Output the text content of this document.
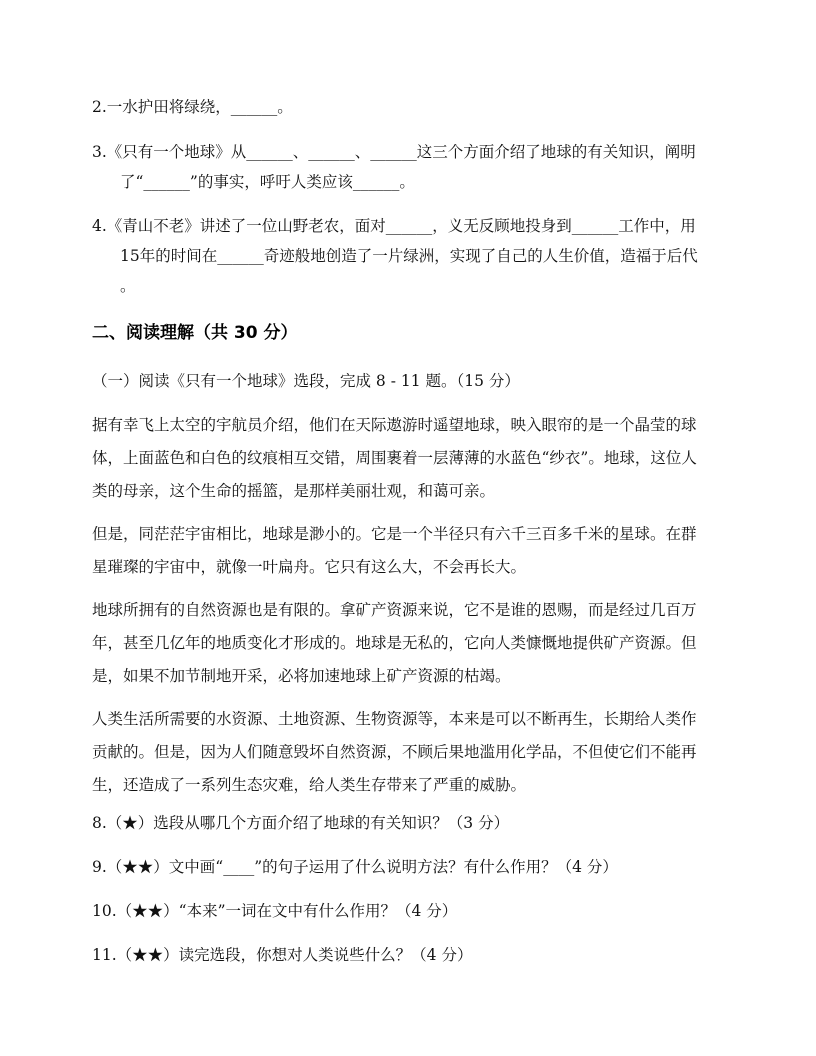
2.一水护田将绿绕，______。
3.《只有一个地球》从______、______、______这三个方面介绍了地球的有关知识，阐明
了“______”的事实，呼吁人类应该______。
4.《青山不老》讲述了一位山野老农，面对______，义无反顾地投身到______工作中，用
15年的时间在______奇迹般地创造了一片绿洲，实现了自己的人生价值，造福于后代
。
二、阅读理解（共 30 分）
（一）阅读《只有一个地球》选段，完成 8 - 11 题。（15 分）
据有幸飞上太空的宇航员介绍，他们在天际遨游时遥望地球，映入眼帘的是一个晶莹的球
体，上面蓝色和白色的纹痕相互交错，周围裹着一层薄薄的水蓝色“纱衣”。地球，这位人
类的母亲，这个生命的摇篮，是那样美丽壮观，和蔼可亲。
但是，同茫茫宇宙相比，地球是渺小的。它是一个半径只有六千三百多千米的星球。在群
星璀璨的宇宙中，就像一叶扁舟。它只有这么大，不会再长大。
地球所拥有的自然资源也是有限的。拿矿产资源来说，它不是谁的恩赐，而是经过几百万
年，甚至几亿年的地质变化才形成的。地球是无私的，它向人类慷慨地提供矿产资源。但
是，如果不加节制地开采，必将加速地球上矿产资源的枯竭。
人类生活所需要的水资源、土地资源、生物资源等，本来是可以不断再生，长期给人类作
贡献的。但是，因为人们随意毁坏自然资源，不顾后果地滥用化学品，不但使它们不能再
生，还造成了一系列生态灾难，给人类生存带来了严重的威胁。
8.（★）选段从哪几个方面介绍了地球的有关知识？（3 分）
9.（★★）文中画“____”的句子运用了什么说明方法？有什么作用？（4 分）
10.（★★）“本来”一词在文中有什么作用？（4 分）
11.（★★）读完选段，你想对人类说些什么？（4 分）
